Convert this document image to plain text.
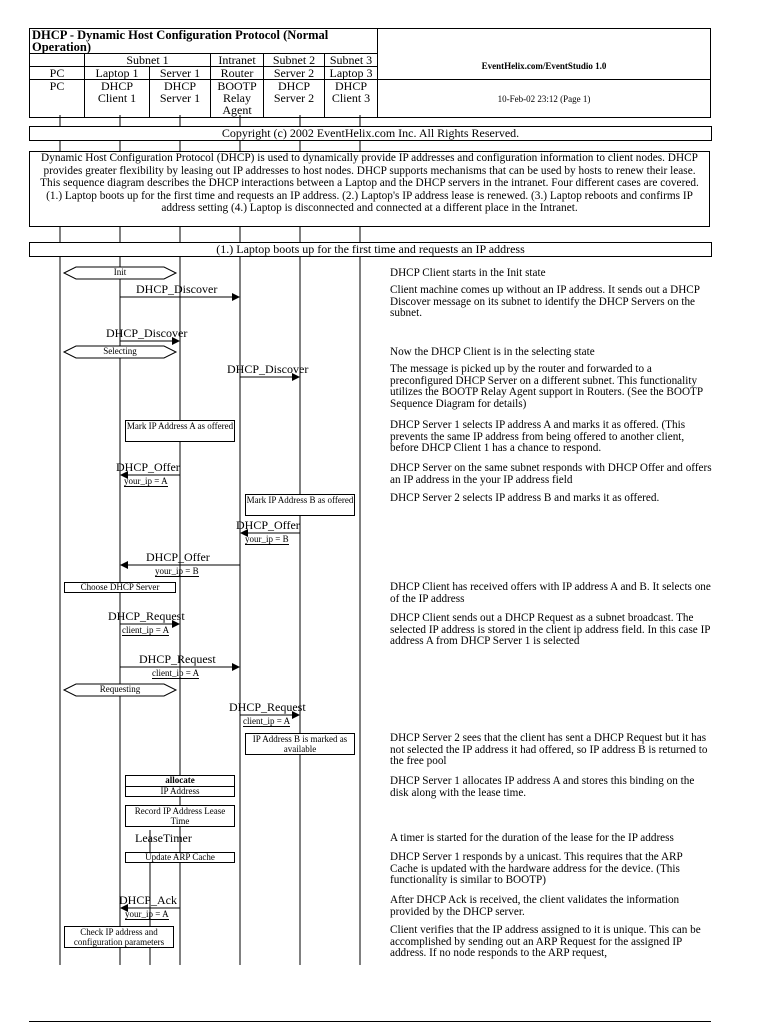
DHCP - Dynamic Host Configuration Protocol (Normal Operation)						
	Subnet 1		Intranet	Subnet 2	Subnet 3	EventHelix.com/EventStudio 1.0
PC	Laptop 1	Server 1	Router	Server 2	Laptop 3	
PC	DHCP Client 1	DHCP Server 1	BOOTP Relay Agent	DHCP Server 2	DHCP Client 3	10-Feb-02 23:12 (Page 1)
Copyright (c) 2002 EventHelix.com Inc. All Rights Reserved.
Dynamic Host Configuration Protocol (DHCP) is used to dynamically provide IP addresses and configuration information to client nodes. DHCP provides greater flexibility by leasing out IP addresses to host nodes. DHCP supports mechanisms that can be used by hosts to renew their lease. This sequence diagram describes the DHCP interactions between a Laptop and the DHCP servers in the intranet. Four different cases are covered. (1.) Laptop boots up for the first time and requests an IP address. (2.) Laptop's IP address lease is renewed. (3.) Laptop reboots and confirms IP address setting (4.) Laptop is disconnected and connected at a different place in the Intranet.
(1.) Laptop boots up for the first time and requests an IP address
Init
Selecting
Requesting
DHCP_Discover
DHCP_Discover
DHCP_Discover
DHCP_Offer
your_ip = A
DHCP_Offer
your_ip = B
DHCP_Offer
your_ip = B
DHCP_Request
client_ip = A
DHCP_Request
client_ip = A
DHCP_Request
client_ip = A
DHCP_Ack
your_ip = A
Mark IP Address A as offered
Mark IP Address B as offered
Choose DHCP Server
IP Address B is marked as available
allocate
IP Address
Record IP Address Lease Time
Update ARP Cache
Check IP address and configuration parameters
LeaseTimer
DHCP Client starts in the Init state
Client machine comes up without an IP address. It sends out a DHCP Discover message on its subnet to identify the DHCP Servers on the subnet.
Now the DHCP Client is in the selecting state
The message is picked up by the router and forwarded to a preconfigured DHCP Server on a different subnet. This functionality utilizes the BOOTP Relay Agent support in Routers. (See the BOOTP Sequence Diagram for details)
DHCP Server 1 selects IP address A and marks it as offered. (This prevents the same IP address from being offered to another client, before DHCP Client 1 has a chance to respond.
DHCP Server on the same subnet responds with DHCP Offer and offers an IP address in the your IP address field
DHCP Server 2 selects IP address B and marks it as offered.
DHCP Client has received offers with IP address A and B. It selects one of the IP address
DHCP Client sends out a DHCP Request as a subnet broadcast. The selected IP address is stored in the client ip address field. In this case IP address A from DHCP Server 1 is selected
DHCP Server 2 sees that the client has sent a DHCP Request but it has not selected the IP address it had offered, so IP address B is returned to the free pool
DHCP Server 1 allocates IP address A and stores this binding on the disk along with the lease time.
A timer is started for the duration of the lease for the IP address
DHCP Server 1 responds by a unicast. This requires that the ARP Cache is updated with the hardware address for the device. (This functionality is similar to BOOTP)
After DHCP Ack is received, the client validates the information provided by the DHCP server.
Client verifies that the IP address assigned to it is unique. This can be accomplished by sending out an ARP Request for the assigned IP address. If no node responds to the ARP request,
